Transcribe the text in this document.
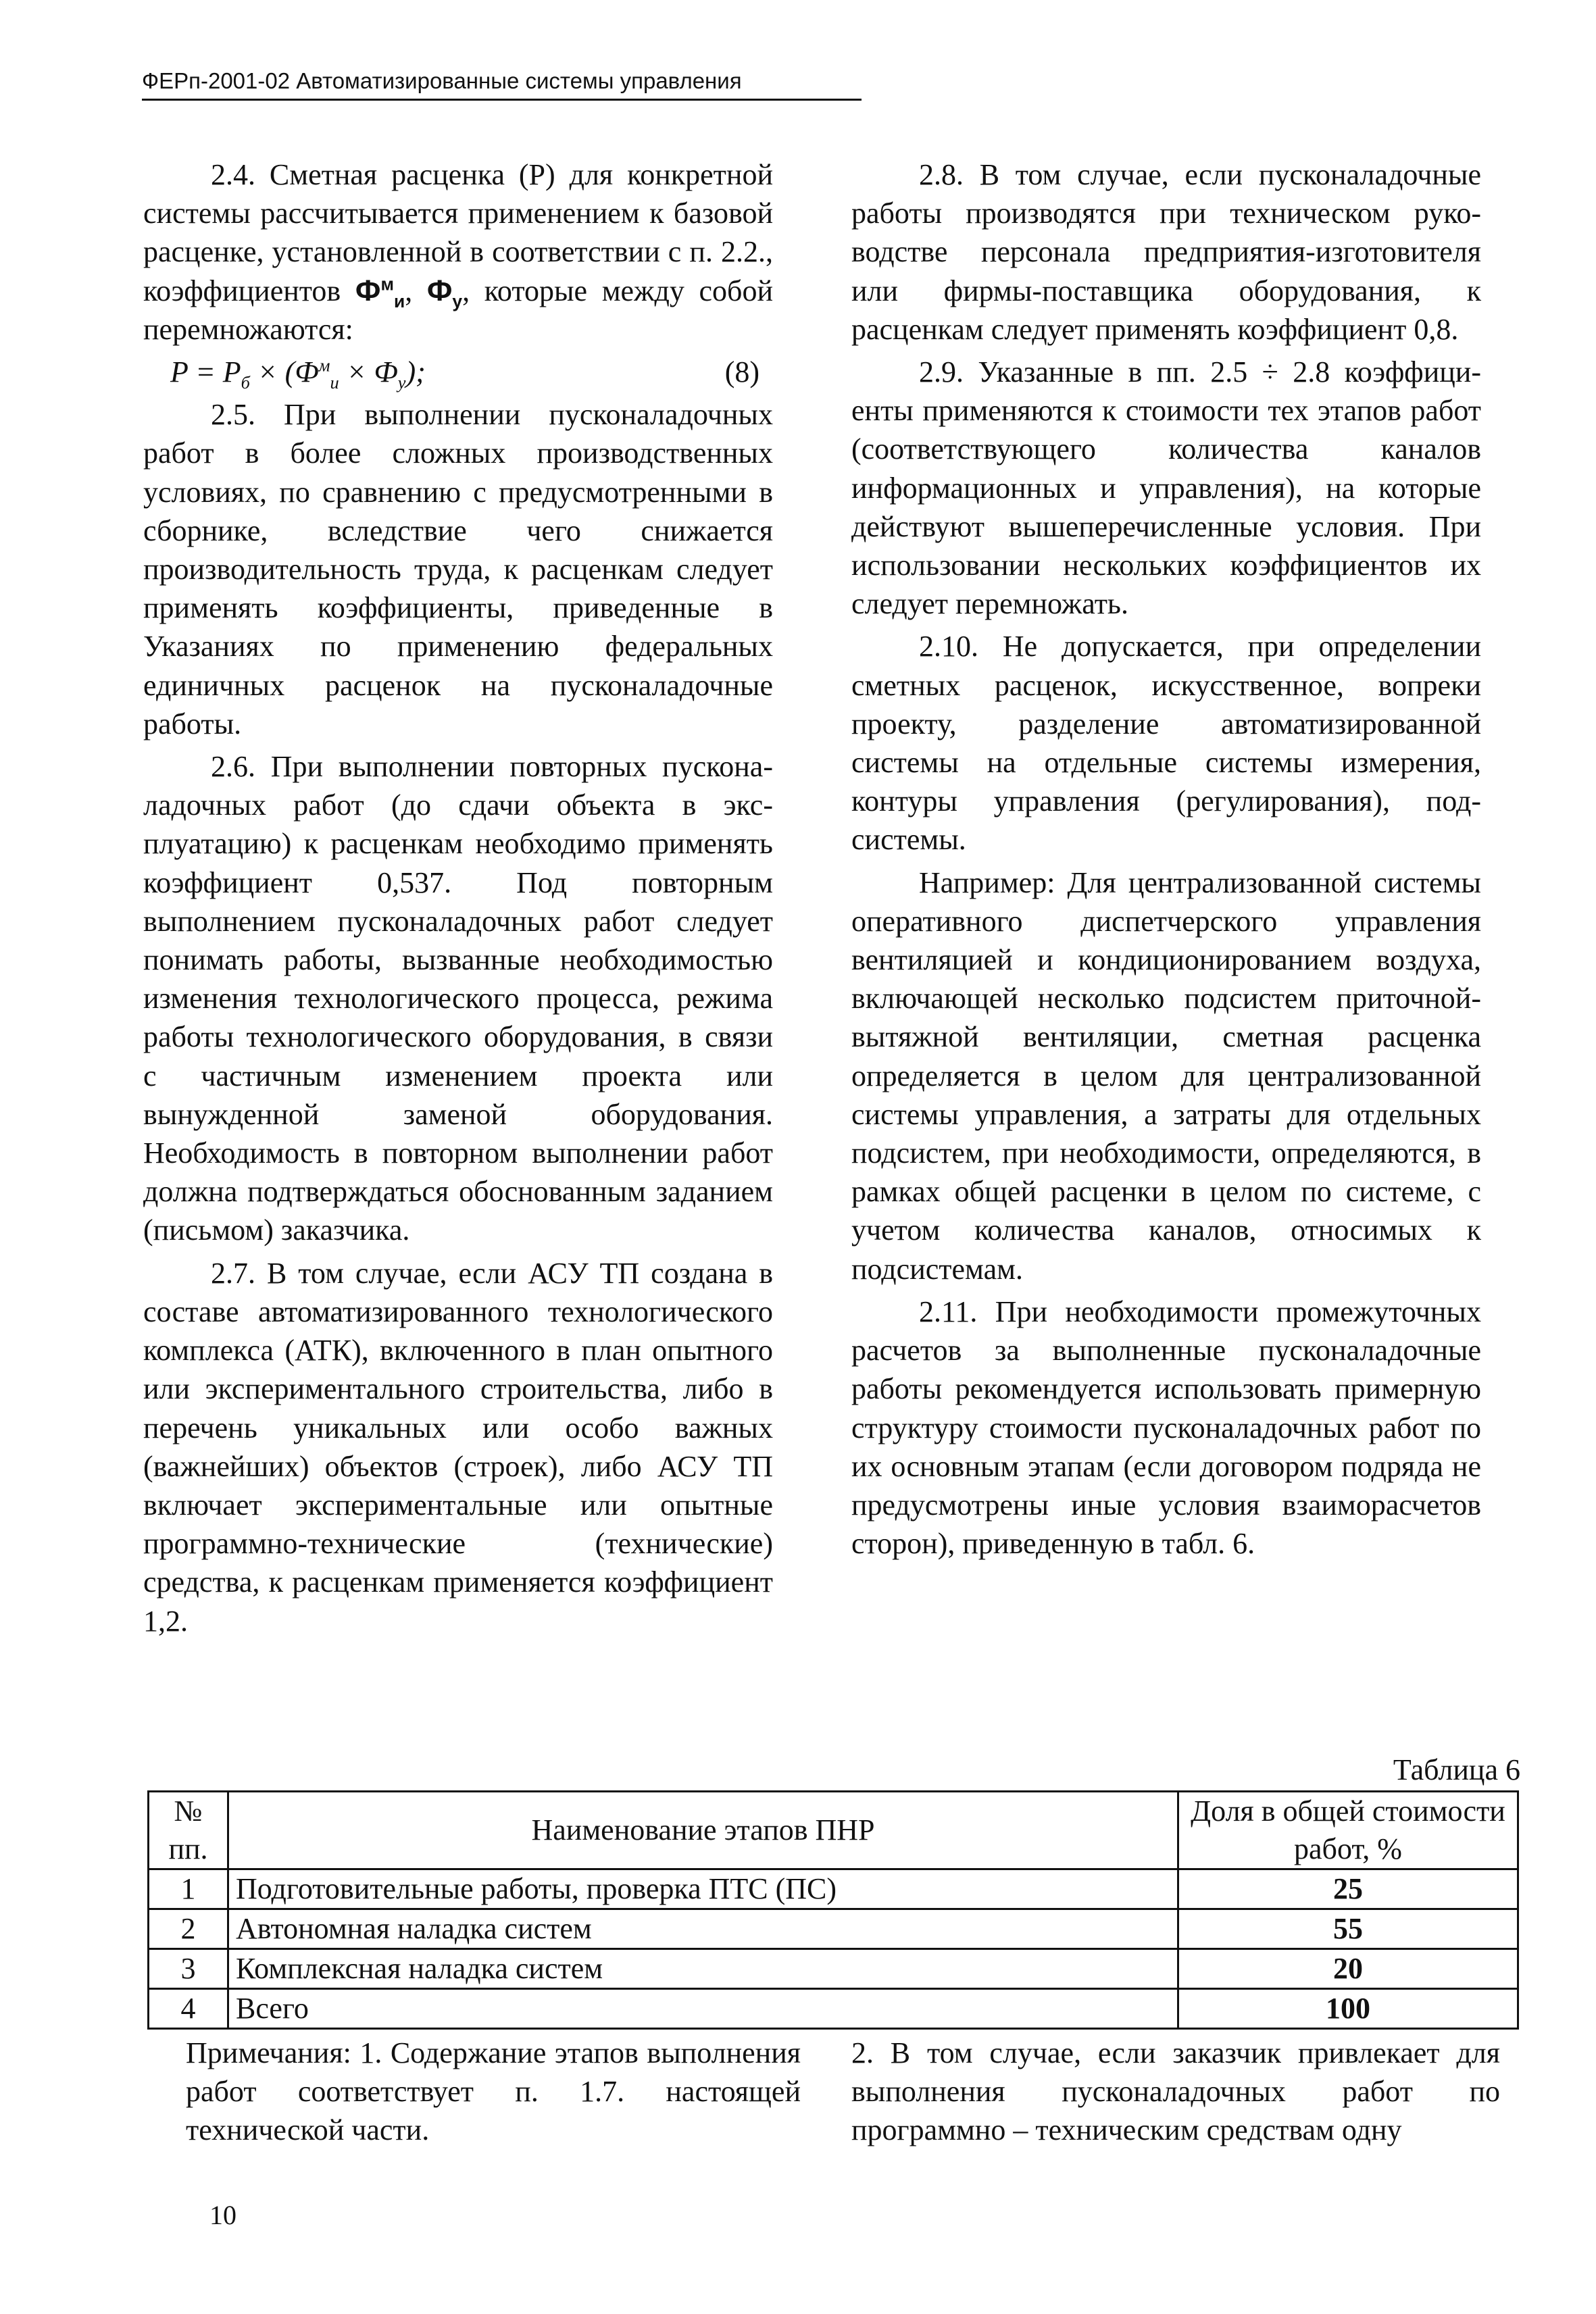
ФЕРп-2001-02 Автоматизированные системы управления

2.4. Сметная расценка (Р) для конкретной системы рассчитывается применением к базовой расценке, установленной в соответствии с п. 2.2., коэффициентов $Ф^м_и$, $Ф_у$, которые между собой перемножаются:

$P = P_б \times (Ф^м_и \times Ф_у)$;	(8)

2.5. При выполнении пусконаладочных работ в более сложных производственных условиях, по сравнению с предусмотренными в сборнике, вследствие чего снижается производительность труда, к расценкам следует применять коэффициенты, приведенные в Указаниях по применению федеральных единичных расценок на пусконаладочные работы.

2.6. При выполнении повторных пусконаладочных работ (до сдачи объекта в эксплуатацию) к расценкам необходимо применять коэффициент 0,537. Под повторным выполнением пусконаладочных работ следует понимать работы, вызванные необходимостью изменения технологического процесса, режима работы технологического оборудования, в связи с частичным изменением проекта или вынужденной заменой оборудования. Необходимость в повторном выполнении работ должна подтверждаться обоснованным заданием (письмом) заказчика.

2.7. В том случае, если АСУ ТП создана в составе автоматизированного технологического комплекса (АТК), включенного в план опытного или экспериментального строительства, либо в перечень уникальных или особо важных (важнейших) объектов (строек), либо АСУ ТП включает экспериментальные или опытные программно-технические (технические) средства, к расценкам применяется коэффициент 1,2.

2.8. В том случае, если пусконаладочные работы производятся при техническом руководстве персонала предприятия-изготовителя или фирмы-поставщика оборудования, к расценкам следует применять коэффициент 0,8.

2.9. Указанные в пп. 2.5 ÷ 2.8 коэффициенты применяются к стоимости тех этапов работ (соответствующего количества каналов информационных и управления), на которые действуют вышеперечисленные условия. При использовании нескольких коэффициентов их следует перемножать.

2.10. Не допускается, при определении сметных расценок, искусственное, вопреки проекту, разделение автоматизированной системы на отдельные системы измерения, контуры управления (регулирования), подсистемы.

Например: Для централизованной системы оперативного диспетчерского управления вентиляцией и кондиционированием воздуха, включающей несколько подсистем приточной-вытяжной вентиляции, сметная расценка определяется в целом для централизованной системы управления, а затраты для отдельных подсистем, при необходимости, определяются, в рамках общей расценки в целом по системе, с учетом количества каналов, относимых к подсистемам.

2.11. При необходимости промежуточных расчетов за выполненные пусконаладочные работы рекомендуется использовать примерную структуру стоимости пусконаладочных работ по их основным этапам (если договором подряда не предусмотрены иные условия взаиморасчетов сторон), приведенную в табл. 6.

Таблица 6
№ пп.	Наименование этапов ПНР	Доля в общей стоимости работ, %
1	Подготовительные работы, проверка ПТС (ПС)	25
2	Автономная наладка систем	55
3	Комплексная наладка систем	20
4	Всего	100
Примечания: 1. Содержание этапов выполнения работ соответствует п. 1.7. настоящей технической части.
2. В том случае, если заказчик привлекает для выполнения пусконаладочных работ по программно – техническим средствам одну
10
